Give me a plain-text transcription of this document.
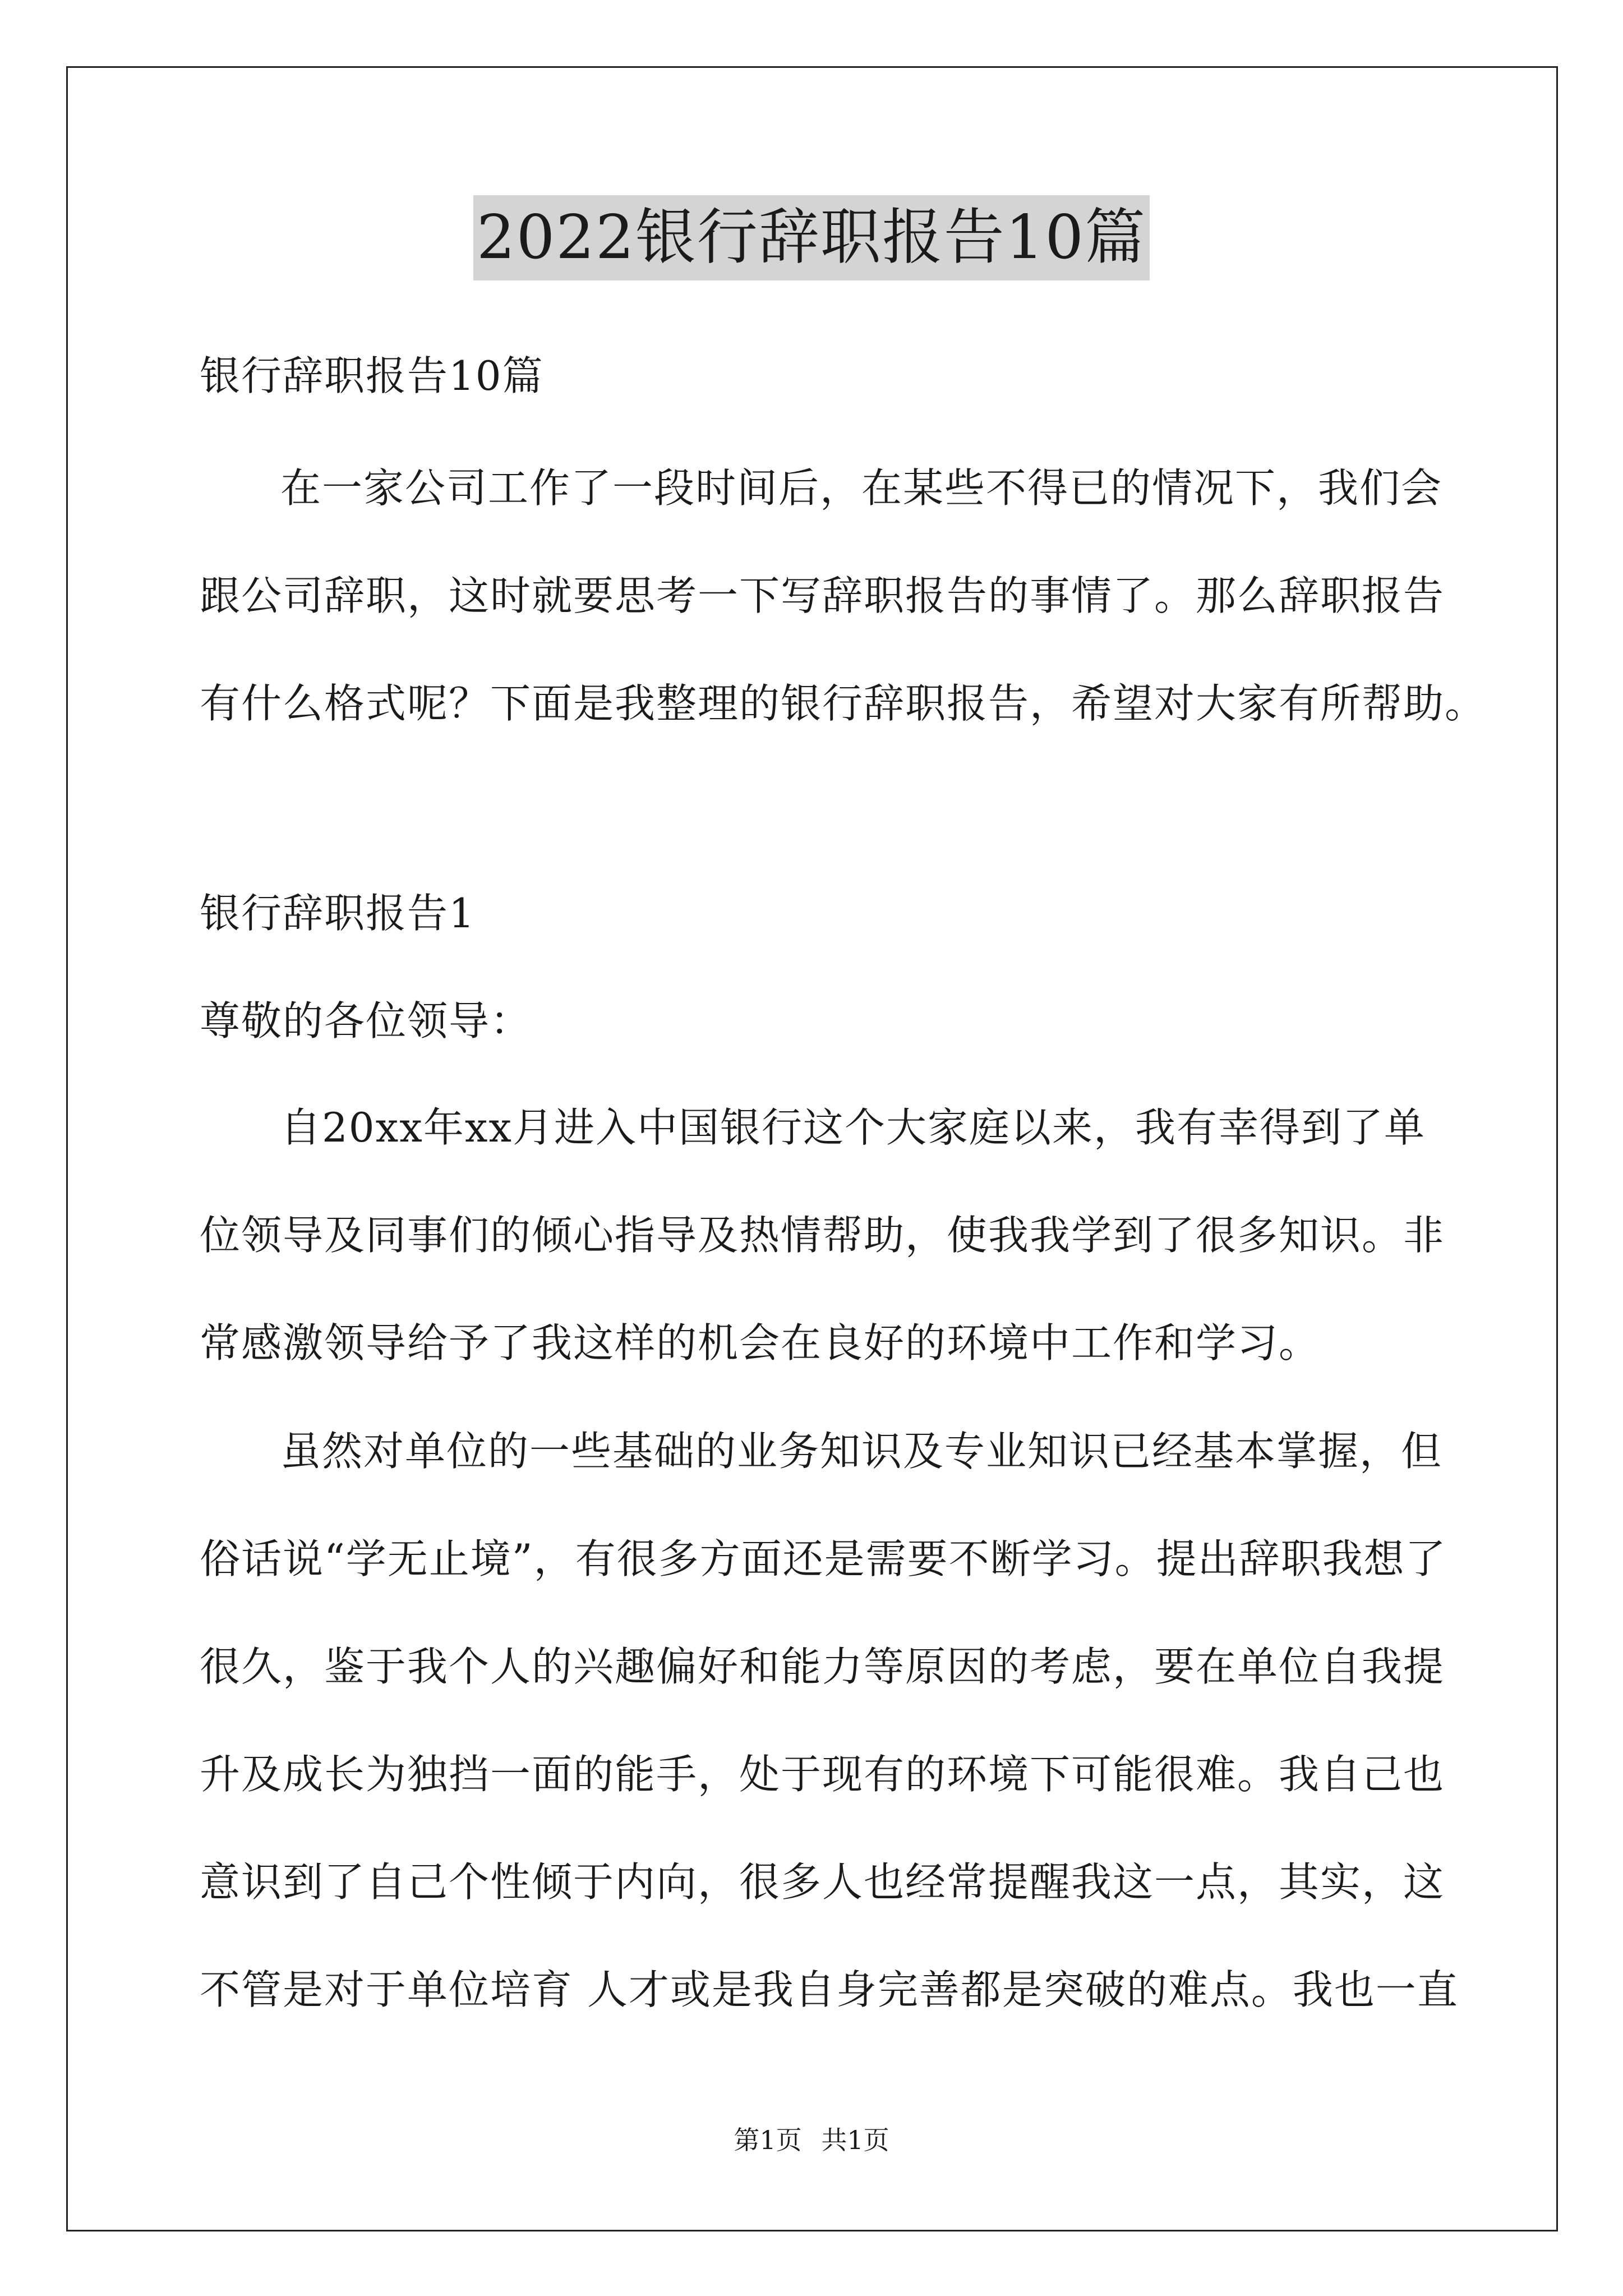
2022银行辞职报告10篇
银行辞职报告10篇
在一家公司工作了一段时间后，在某些不得已的情况下，我们会
跟公司辞职，这时就要思考一下写辞职报告的事情了。那么辞职报告
有什么格式呢？下面是我整理的银行辞职报告，希望对大家有所帮助。
银行辞职报告1
尊敬的各位领导：
自20xx年xx月进入中国银行这个大家庭以来，我有幸得到了单
位领导及同事们的倾心指导及热情帮助，使我我学到了很多知识。非
常感激领导给予了我这样的机会在良好的环境中工作和学习。
虽然对单位的一些基础的业务知识及专业知识已经基本掌握，但
俗话说“学无止境”，有很多方面还是需要不断学习。提出辞职我想了
很久，鉴于我个人的兴趣偏好和能力等原因的考虑，要在单位自我提
升及成长为独挡一面的能手，处于现有的环境下可能很难。我自己也
意识到了自己个性倾于内向，很多人也经常提醒我这一点，其实，这
不管是对于单位培育 人才或是我自身完善都是突破的难点。我也一直
第1页 共1页
